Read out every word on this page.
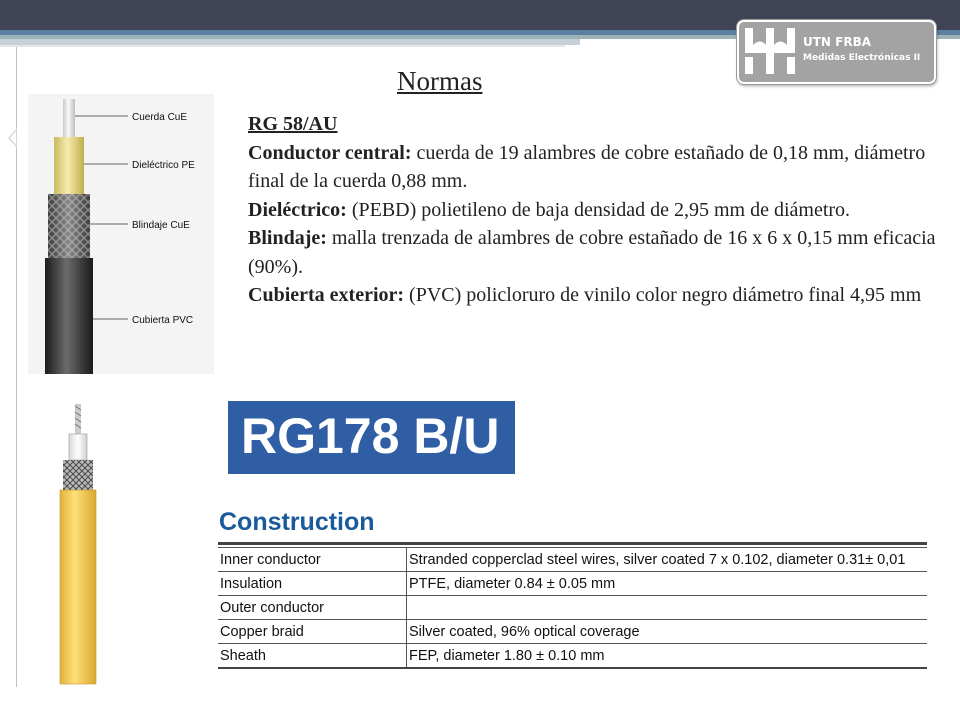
UTN FRBA
Medidas Electrónicas II
Normas
Cuerda CuE
Dieléctrico PE
Blindaje CuE
Cubierta PVC

RG 58/AU

Conductor central: cuerda de 19 alambres de cobre estañado de 0,18 mm, diámetro final de la cuerda 0,88 mm.

Dieléctrico: (PEBD) polietileno de baja densidad de 2,95 mm de diámetro.

Blindaje: malla trenzada de alambres de cobre estañado de 16 x 6 x 0,15 mm eficacia (90%).

Cubierta exterior: (PVC) policloruro de vinilo color negro diámetro final 4,95 mm

RG178 B/U
Construction
Inner conductor	Stranded copperclad steel wires, silver coated 7 x 0.102, diameter 0.31± 0,01
Insulation	PTFE, diameter 0.84 ± 0.05 mm
Outer conductor	
Copper braid	Silver coated, 96% optical coverage
Sheath	FEP, diameter 1.80 ± 0.10 mm
